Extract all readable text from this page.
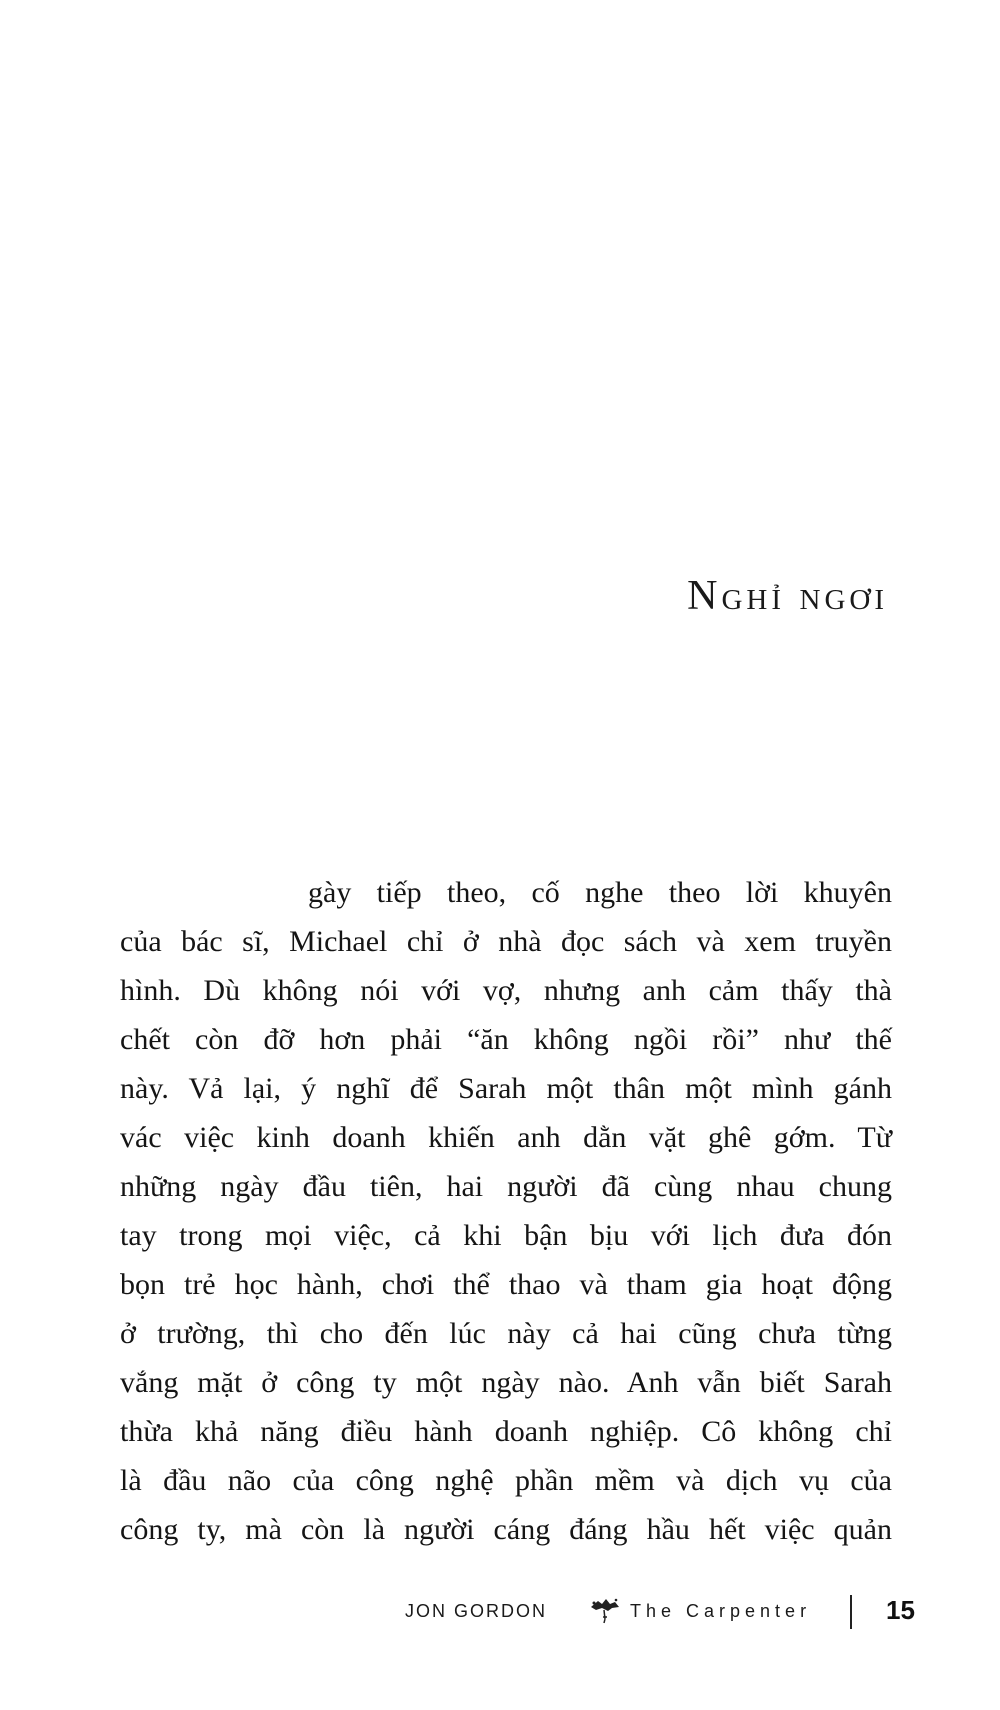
Nghỉ ngơi
gày tiếp theo, cố nghe theo lời khuyên
của bác sĩ, Michael chỉ ở nhà đọc sách và xem truyền
hình. Dù không nói với vợ, nhưng anh cảm thấy thà
chết còn đỡ hơn phải “ăn không ngồi rồi” như thế
này. Vả lại, ý nghĩ để Sarah một thân một mình gánh
vác việc kinh doanh khiến anh dằn vặt ghê gớm. Từ
những ngày đầu tiên, hai người đã cùng nhau chung
tay trong mọi việc, cả khi bận bịu với lịch đưa đón
bọn trẻ học hành, chơi thể thao và tham gia hoạt động
ở trường, thì cho đến lúc này cả hai cũng chưa từng
vắng mặt ở công ty một ngày nào. Anh vẫn biết Sarah
thừa khả năng điều hành doanh nghiệp. Cô không chỉ
là đầu não của công nghệ phần mềm và dịch vụ của
công ty, mà còn là người cáng đáng hầu hết việc quản
JON GORDON	The Carpenter	15
